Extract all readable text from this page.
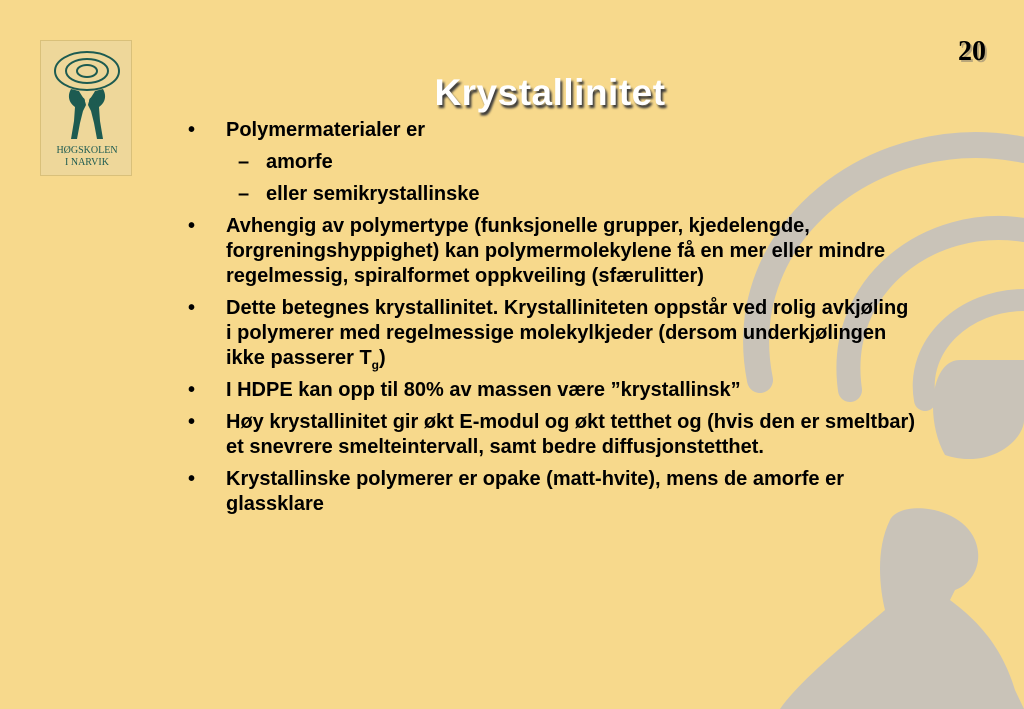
HØGSKOLEN
I NARVIK
20
Krystallinitet
• Polymermaterialer er
– amorfe
– eller semikrystallinske
• Avhengig av polymertype (funksjonelle grupper, kjedelengde, forgreningshyppighet) kan polymermolekylene få en mer eller mindre regelmessig, spiralformet oppkveiling (sfærulitter)
• Dette betegnes krystallinitet. Krystalliniteten oppstår ved rolig avkjøling i polymerer med regelmessige molekylkjeder (dersom underkjølingen ikke passerer $T_g$)
• I HDPE kan opp til 80% av massen være ”krystallinsk”
• Høy krystallinitet gir økt E-modul og økt tetthet og (hvis den er smeltbar) et snevrere smelteintervall, samt bedre diffusjonstetthet.
• Krystallinske polymerer er opake (matt-hvite), mens de amorfe er glassklare
